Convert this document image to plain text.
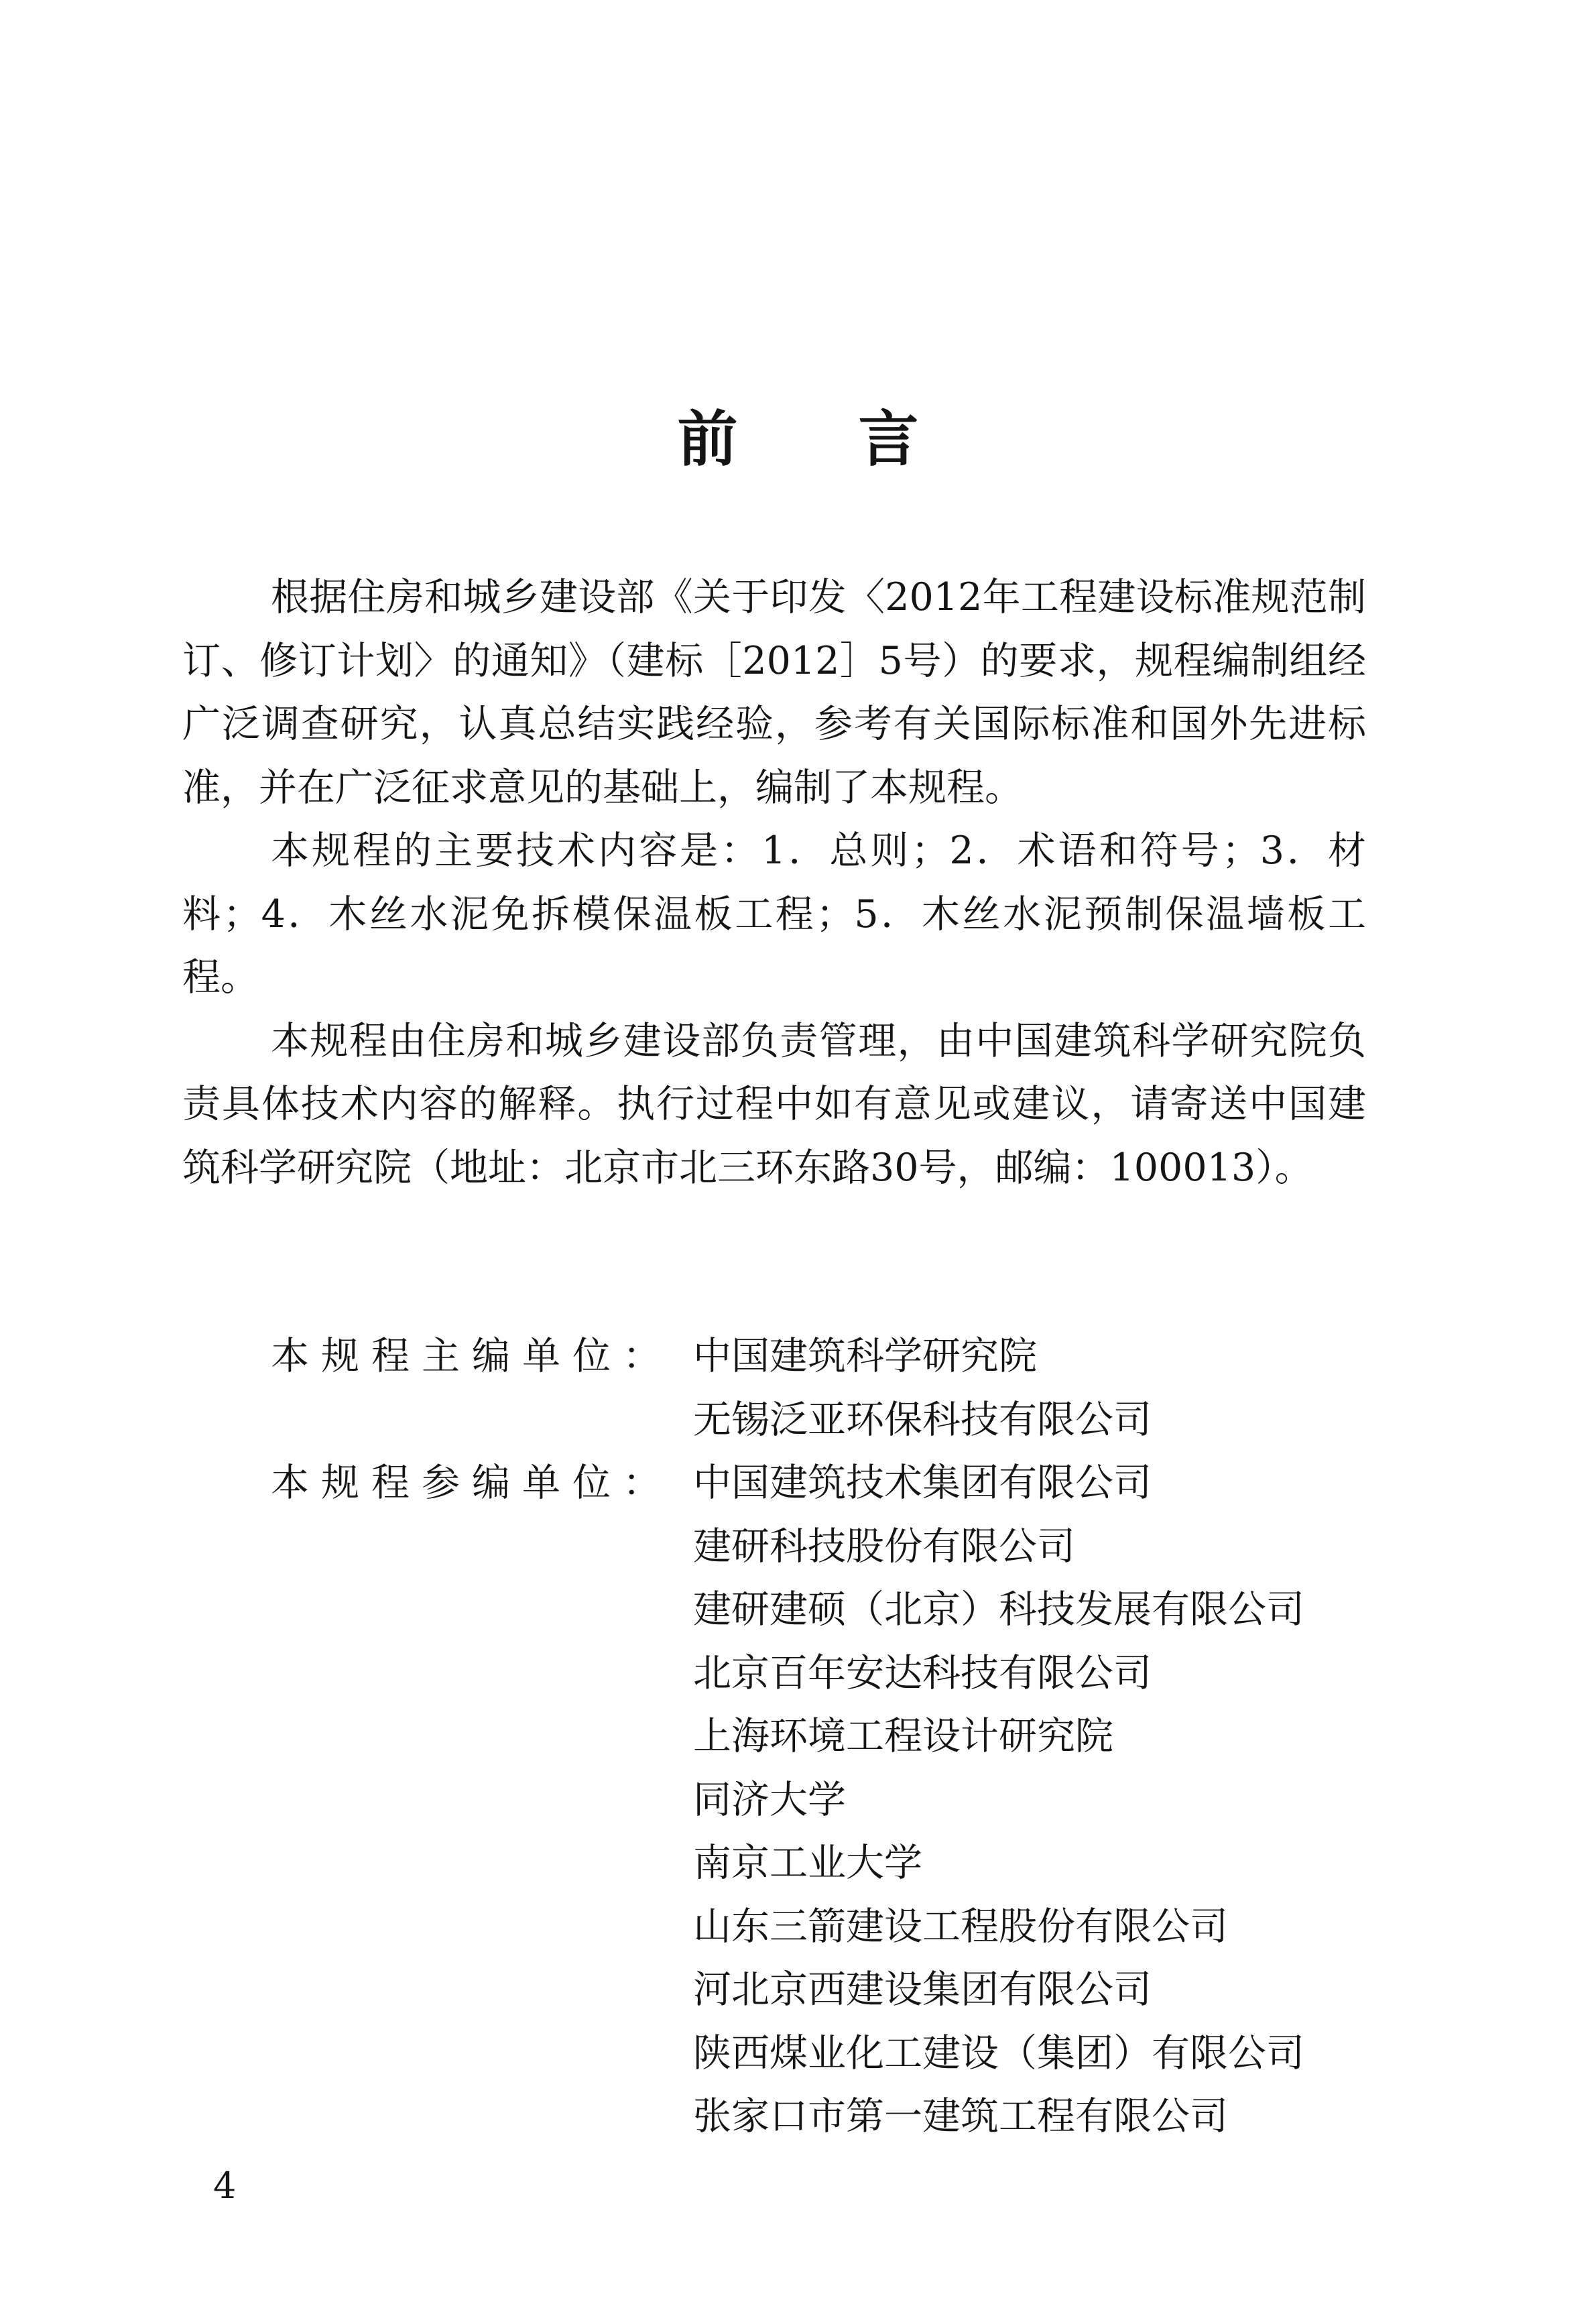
前言

根据住房和城乡建设部《关于印发〈2012年工程建设标准规范制订、修订计划〉的通知》（建标［2012］5号）的要求，规程编制组经广泛调查研究，认真总结实践经验，参考有关国际标准和国外先进标准，并在广泛征求意见的基础上，编制了本规程。

本规程的主要技术内容是：1．总则；2．术语和符号；3．材料；4．木丝水泥免拆模保温板工程；5．木丝水泥预制保温墙板工程。

本规程由住房和城乡建设部负责管理，由中国建筑科学研究院负责具体技术内容的解释。执行过程中如有意见或建议，请寄送中国建筑科学研究院（地址：北京市北三环东路30号，邮编：100013）。

本规程主编单位： 中国建筑科学研究院
无锡泛亚环保科技有限公司
本规程参编单位： 中国建筑技术集团有限公司
建研科技股份有限公司
建研建硕（北京）科技发展有限公司
北京百年安达科技有限公司
上海环境工程设计研究院
同济大学
南京工业大学
山东三箭建设工程股份有限公司
河北京西建设集团有限公司
陕西煤业化工建设（集团）有限公司
张家口市第一建筑工程有限公司
4
